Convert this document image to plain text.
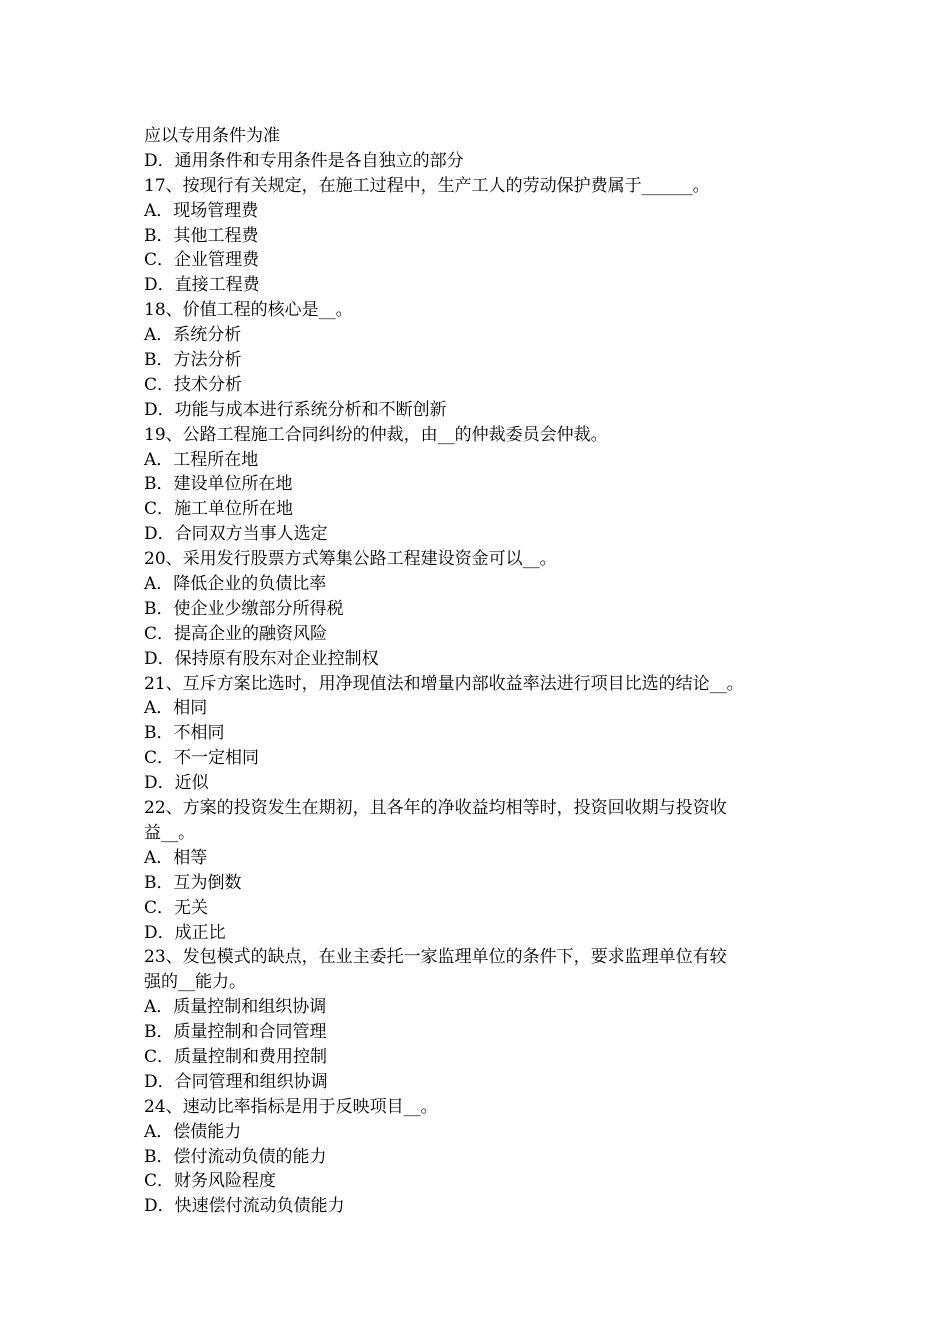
应以专用条件为准
D．通用条件和专用条件是各自独立的部分
17、按现行有关规定，在施工过程中，生产工人的劳动保护费属于______。
A．现场管理费
B．其他工程费
C．企业管理费
D．直接工程费
18、价值工程的核心是__。
A．系统分析
B．方法分析
C．技术分析
D．功能与成本进行系统分析和不断创新
19、公路工程施工合同纠纷的仲裁，由__的仲裁委员会仲裁。
A．工程所在地
B．建设单位所在地
C．施工单位所在地
D．合同双方当事人选定
20、采用发行股票方式筹集公路工程建设资金可以__。
A．降低企业的负债比率
B．使企业少缴部分所得税
C．提高企业的融资风险
D．保持原有股东对企业控制权
21、互斥方案比选时，用净现值法和增量内部收益率法进行项目比选的结论__。
A．相同
B．不相同
C．不一定相同
D．近似
22、方案的投资发生在期初，且各年的净收益均相等时，投资回收期与投资收
益__。
A．相等
B．互为倒数
C．无关
D．成正比
23、发包模式的缺点，在业主委托一家监理单位的条件下，要求监理单位有较
强的__能力。
A．质量控制和组织协调
B．质量控制和合同管理
C．质量控制和费用控制
D．合同管理和组织协调
24、速动比率指标是用于反映项目__。
A．偿债能力
B．偿付流动负债的能力
C．财务风险程度
D．快速偿付流动负债能力
